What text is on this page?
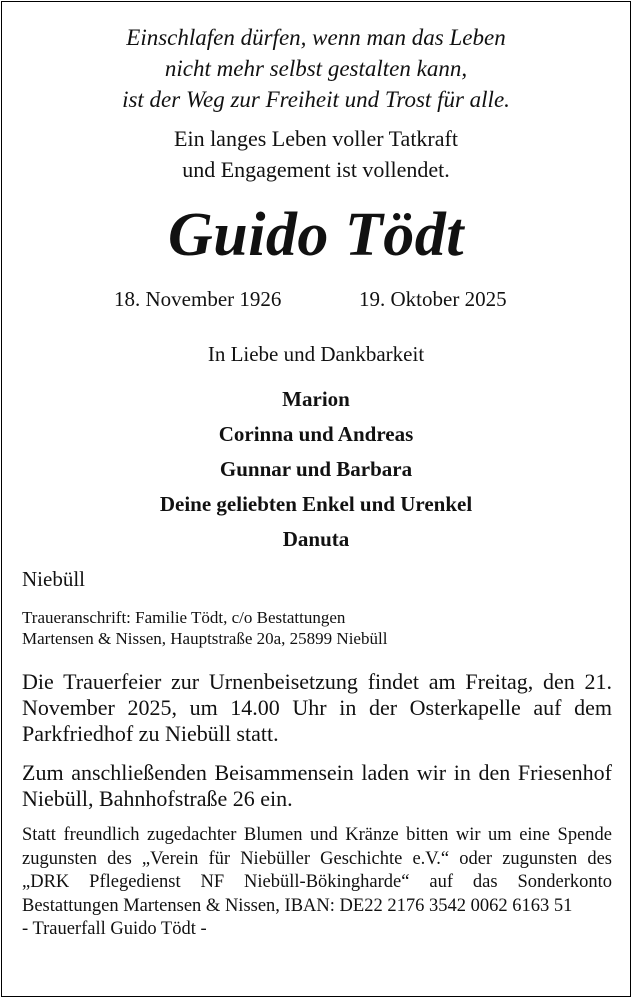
Einschlafen dürfen, wenn man das Leben
nicht mehr selbst gestalten kann,
ist der Weg zur Freiheit und Trost für alle.
Ein langes Leben voller Tatkraft
und Engagement ist vollendet.
Guido Tödt
18. November 1926	19. Oktober 2025
In Liebe und Dankbarkeit
Marion
Corinna und Andreas
Gunnar und Barbara
Deine geliebten Enkel und Urenkel
Danuta
Niebüll
Traueranschrift: Familie Tödt, c/o Bestattungen
Martensen & Nissen, Hauptstraße 20a, 25899 Niebüll
Die Trauerfeier zur Urnenbeisetzung findet am Freitag, den 21. November 2025, um 14.00 Uhr in der Osterkapelle auf dem Parkfriedhof zu Niebüll statt.
Zum anschließenden Beisammensein laden wir in den Friesenhof Niebüll, Bahnhofstraße 26 ein.
Statt freundlich zugedachter Blumen und Kränze bitten wir um eine Spende zugunsten des „Verein für Niebüller Geschichte e.V.“ oder zugunsten des „DRK Pflegedienst NF Niebüll-Bökingharde“ auf das Sonderkonto Bestattungen Martensen & Nissen, IBAN: DE22 2176 3542 0062 6163 51
- Trauerfall Guido Tödt -
